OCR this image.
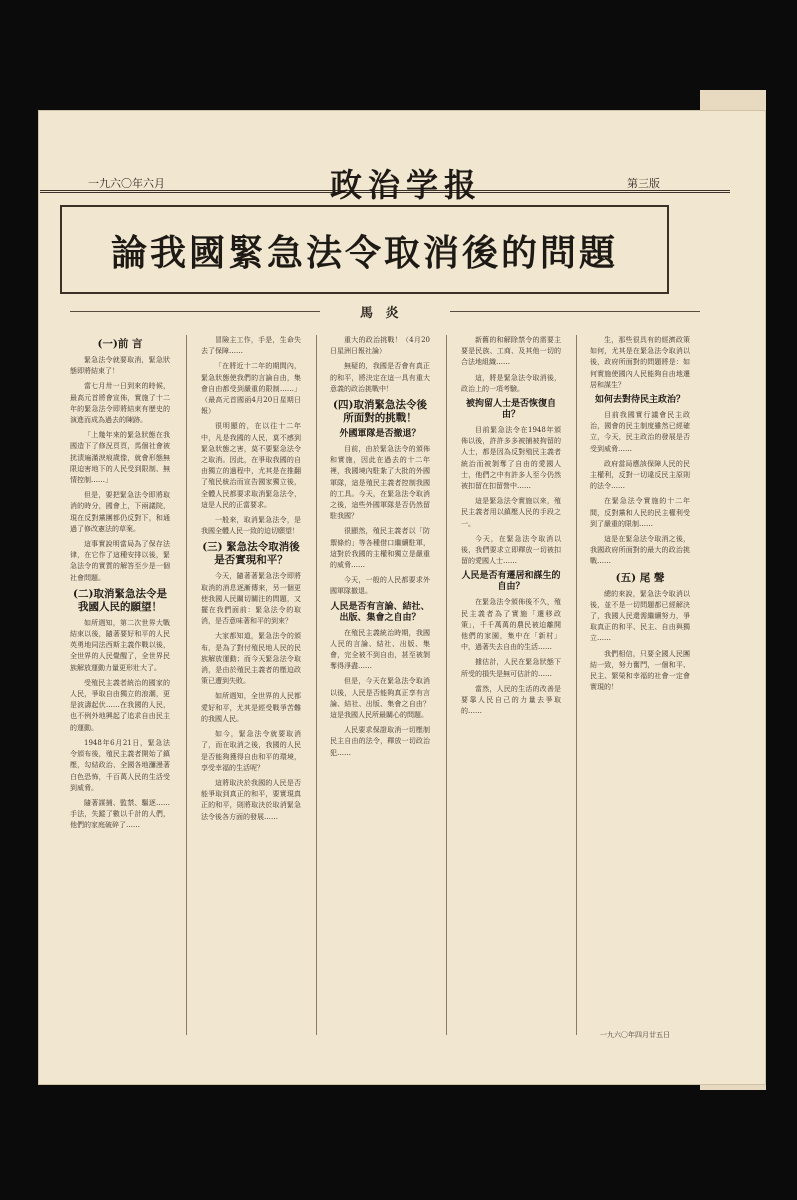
一九六〇年六月	政治学报	第三版
論我國緊急法令取消後的問題
馬 炎
(一)前 言

緊急法令就要取消，緊急狀態即將結束了！

當七月卅一日到來的時候，最高元首將會宣佈，實施了十二年的緊急法令即將結束有歷史的演進而成為過去的陳跡。

「上幾年來的緊急狀態在我國造下了修況頁頁，馬個社會被扰渍遍滿淚痕歲像，就會形態無限迫害地下的人民受到限制、無情控制……」

但是，要把緊急法令即將取消的時分，國會上，下兩議院，現在反對黨團都仍反對下，和通過了修改憲法的草案。

這事實說明當局為了保存法律，在它作了這種安排以後，緊急法令的實質的解答至少是一個社會問題。

(二)取消緊急法令是我國人民的願望！

如所週知，第二次世界大戰結束以後，隨著要好和平的人民英勇地同法西斯主義作戰以後，全世界的人民覺醒了，全世界民族解放運動力量更形壯大了。

受殖民主義者統治的國家的人民，爭取自由獨立的浪潮，更是波濤起伏……在我國的人民，也不例外地興起了追求自由民主的運動。

1948年6月21日，緊急法令頒布後，殖民主義者開始了鎮壓，勾結政治、全國各地瀰漫著白色恐怖，千百萬人民的生活受到威脅。

隨著謀捕、監禁、驅逐……手法，失蹤了數以千計的人們，他們的家庭破碎了……

冒險主工作，手是，生命失去了保障……

「在將近十二年的期間內，緊急狀態使我們的言論自由，集會自由都受到嚴重的限制……」（最高元首國函4月20日星期日報）

很明顯的，在以往十二年中，凡是我國的人民，莫不感到緊急狀態之害，莫不要緊急法令之取消。因此，在爭取我國的自由獨立的過程中，尤其是在推翻了殖民統治而宣告國家獨立後，全體人民都要求取消緊急法令，這是人民的正當要求。

一般來，取消緊急法令，是我國全體人民一致的迫切願望！

(三) 緊急法令取消後是否實現和平？

今天，隨著著緊急法令即將取消的消息逐漸傳來，另一個更使我國人民關切關注的問題，又擺在我們面前：緊急法令的取消，是否意味著和平的到來？

大家都知道，緊急法令的頒布，是為了對付殖民地人民的民族解放運動；而今天緊急法令取消，是由於殖民主義者的壓迫政策已遭到失敗。

如所週知，全世界的人民都愛好和平，尤其是經受戰爭苦難的我國人民。

如今，緊急法令就要取消了，而在取消之後，我國的人民是否能夠獲得自由和平的環境，享受幸福的生活呢？

這將取決於我國的人民是否能爭取到真正的和平，要實現真正的和平，則將取決於取消緊急法令後各方面的發展……

重大的政治挑戰！（4月20日星洲日報社論）

無疑的，我國是否會有真正的和平，將決定在這一具有重大意義的政治挑戰中！

(四)取消緊急法令後所面對的挑戰！
外國軍隊是否撤退？

目前，由於緊急法令的頒佈和實施，因此在過去的十二年裡，我國境內駐紮了大批的外國軍隊，這是殖民主義者控制我國的工具。今天，在緊急法令取消之後，這些外國軍隊是否仍然留駐我國？

很顯然，殖民主義者以「防禦條約」等各種借口繼續駐軍，這對於我國的主權和獨立是嚴重的威脅……

今天，一般的人民都要求外國軍隊撤退。

人民是否有言論、結社、出版、集會之自由？

在殖民主義統治時期，我國人民的言論、結社、出版、集會，完全被不到自由，甚至被剝奪得淨盡……

但是，今天在緊急法令取消以後，人民是否能夠真正享有言論、結社、出版、集會之自由？這是我國人民所最關心的問題。

人民要求保證取消一切壓制民主自由的法令，釋放一切政治犯……

新舊的和解除禁令的需要主要是民族、工商、及其他一切的合法地組織……

這，將是緊急法令取消後，政治上的一項考驗。

被拘留人士是否恢復自由？

目前緊急法令在1948年頒佈以後，許許多多被捕被拘留的人士，都是因為反對殖民主義者統治而被剝奪了自由的愛國人士，他們之中有許多人至今仍然被扣留在扣留營中……

這是緊急法令實施以來，殖民主義者用以鎮壓人民的手段之一。

今天，在緊急法令取消以後，我們要求立即釋放一切被扣留的愛國人士……

人民是否有遷居和謀生的自由？

在緊急法令頒佈後不久，殖民主義者為了實施「遷移政策」，千千萬萬的農民被迫離開他們的家園，集中在「新村」中，過著失去自由的生活……

據估計，人民在緊急狀態下所受的損失是無可估計的……

當然，人民的生活的改善是要靠人民自己的力量去爭取的……

生，那些很具有的經濟政策如何，尤其是在緊急法令取消以後，政府所面對的問題將是：如何實施使國內人民能夠自由地遷居和謀生？

如何去對待民主政治？

目前我國實行議會民主政治，國會的民主制度雖然已經確立，今天，民主政治的發展是否受到威脅……

政府當局應該保障人民的民主權利，反對一切違反民主原則的法令……

在緊急法令實施的十二年間，反對黨和人民的民主權利受到了嚴重的限制……

這是在緊急法令取消之後，我國政府所面對的最大的政治挑戰……

(五) 尾 聲

總的來說，緊急法令取消以後，並不是一切問題都已經解決了，我國人民還需繼續努力，爭取真正的和平、民主、自由與獨立……

我們相信，只要全國人民團結一致，努力奮鬥，一個和平、民主、繁榮和幸福的社會一定會實現的！

一九六〇年四月廿五日
